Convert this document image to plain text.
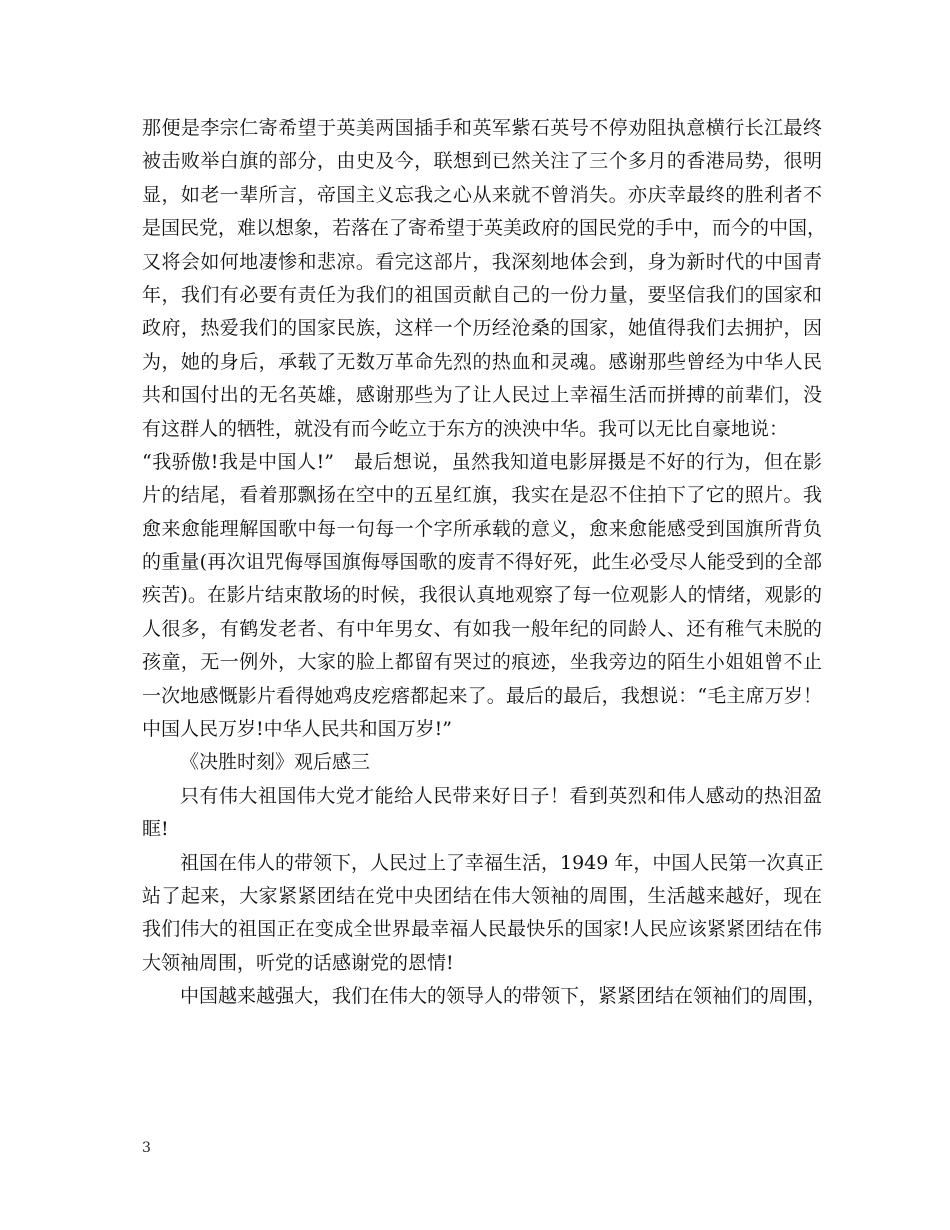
那便是李宗仁寄希望于英美两国插手和英军紫石英号不停劝阻执意横行长江最终
被击败举白旗的部分，由史及今，联想到已然关注了三个多月的香港局势，很明
显，如老一辈所言，帝国主义忘我之心从来就不曾消失。亦庆幸最终的胜利者不
是国民党，难以想象，若落在了寄希望于英美政府的国民党的手中，而今的中国，
又将会如何地凄惨和悲凉。看完这部片，我深刻地体会到，身为新时代的中国青
年，我们有必要有责任为我们的祖国贡献自己的一份力量，要坚信我们的国家和
政府，热爱我们的国家民族，这样一个历经沧桑的国家，她值得我们去拥护，因
为，她的身后，承载了无数万革命先烈的热血和灵魂。感谢那些曾经为中华人民
共和国付出的无名英雄，感谢那些为了让人民过上幸福生活而拼搏的前辈们，没
有这群人的牺牲，就没有而今屹立于东方的泱泱中华。我可以无比自豪地说：
“我骄傲!我是中国人!”　最后想说，虽然我知道电影屏摄是不好的行为，但在影
片的结尾，看着那飘扬在空中的五星红旗，我实在是忍不住拍下了它的照片。我
愈来愈能理解国歌中每一句每一个字所承载的意义，愈来愈能感受到国旗所背负
的重量(再次诅咒侮辱国旗侮辱国歌的废青不得好死，此生必受尽人能受到的全部
疾苦)。在影片结束散场的时候，我很认真地观察了每一位观影人的情绪，观影的
人很多，有鹤发老者、有中年男女、有如我一般年纪的同龄人、还有稚气未脱的
孩童，无一例外，大家的脸上都留有哭过的痕迹，坐我旁边的陌生小姐姐曾不止
一次地感慨影片看得她鸡皮疙瘩都起来了。最后的最后，我想说：“毛主席万岁！
中国人民万岁!中华人民共和国万岁!”
《决胜时刻》观后感三
只有伟大祖国伟大党才能给人民带来好日子！看到英烈和伟人感动的热泪盈
眶!
祖国在伟人的带领下，人民过上了幸福生活，1949 年，中国人民第一次真正
站了起来，大家紧紧团结在党中央团结在伟大领袖的周围，生活越来越好，现在
我们伟大的祖国正在变成全世界最幸福人民最快乐的国家!人民应该紧紧团结在伟
大领袖周围，听党的话感谢党的恩情!
中国越来越强大，我们在伟大的领导人的带领下，紧紧团结在领袖们的周围，
3
